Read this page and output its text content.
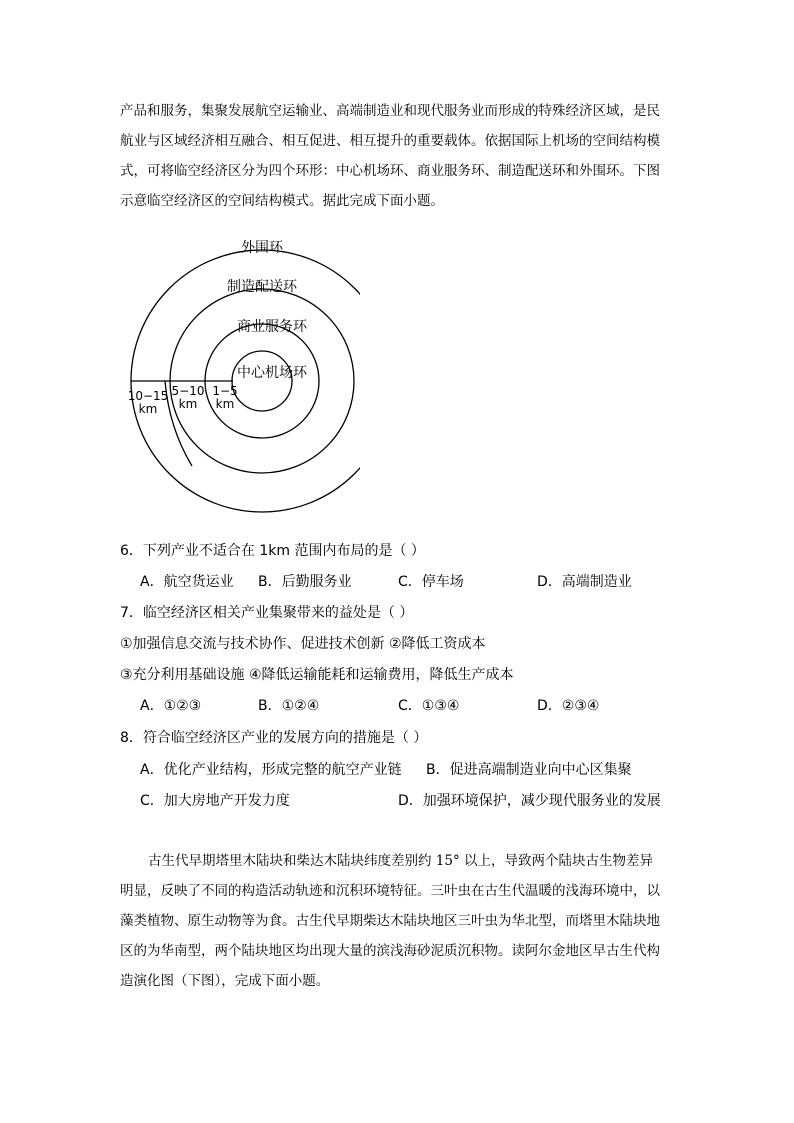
产品和服务，集聚发展航空运输业、高端制造业和现代服务业而形成的特殊经济区域，是民

航业与区域经济相互融合、相互促进、相互提升的重要载体。依据国际上机场的空间结构模

式，可将临空经济区分为四个环形：中心机场环、商业服务环、制造配送环和外围环。下图

示意临空经济区的空间结构模式。据此完成下面小题。

外围环
制造配送环
商业服务环
中心机场环
10−15
km
5−10
km
1−5
km
6．下列产业不适合在 1km 范围内布局的是（ ）
A．航空货运业 B．后勤服务业	C．停车场	D．高端制造业
7．临空经济区相关产业集聚带来的益处是（ ）
①加强信息交流与技术协作、促进技术创新 ②降低工资成本
③充分利用基础设施 ④降低运输能耗和运输费用，降低生产成本
A．①②③	B．①②④	C．①③④	D．②③④
8．符合临空经济区产业的发展方向的措施是（ ）
A．优化产业结构，形成完整的航空产业链 B．促进高端制造业向中心区集聚
C．加大房地产开发力度	D．加强环境保护，减少现代服务业的发展

古生代早期塔里木陆块和柴达木陆块纬度差别约 15° 以上，导致两个陆块古生物差异

明显，反映了不同的构造活动轨迹和沉积环境特征。三叶虫在古生代温暖的浅海环境中，以

藻类植物、原生动物等为食。古生代早期柴达木陆块地区三叶虫为华北型，而塔里木陆块地

区的为华南型，两个陆块地区均出现大量的滨浅海砂泥质沉积物。读阿尔金地区早古生代构

造演化图（下图），完成下面小题。
